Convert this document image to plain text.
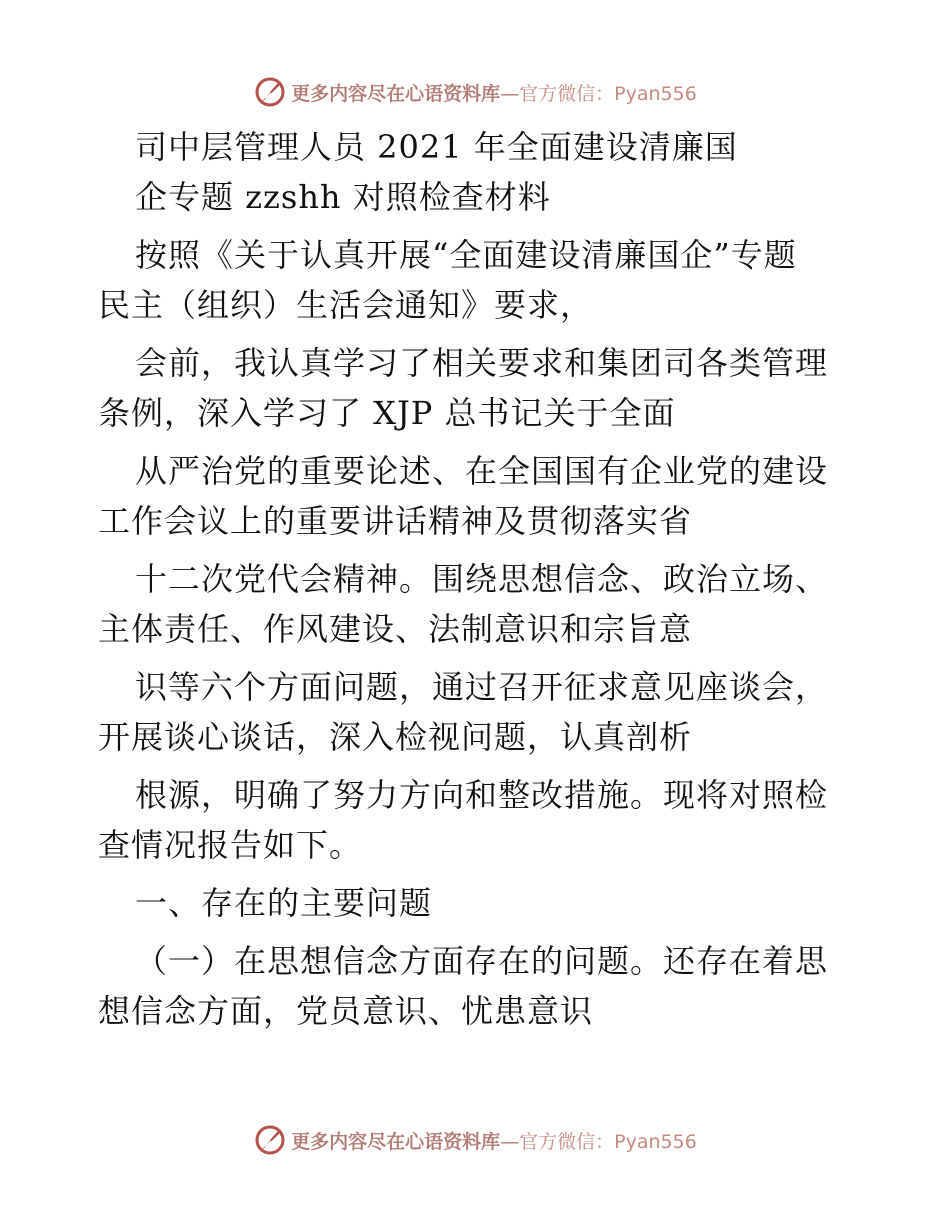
更多内容尽在心语资料库—官方微信：Pyan556
司中层管理人员 2021 年全面建设清廉国
企专题 zzshh 对照检查材料
按照《关于认真开展“全面建设清廉国企”专题
民主（组织）生活会通知》要求，
会前，我认真学习了相关要求和集团司各类管理
条例，深入学习了 XJP 总书记关于全面
从严治党的重要论述、在全国国有企业党的建设
工作会议上的重要讲话精神及贯彻落实省
十二次党代会精神。围绕思想信念、政治立场、
主体责任、作风建设、法制意识和宗旨意
识等六个方面问题，通过召开征求意见座谈会，
开展谈心谈话，深入检视问题，认真剖析
根源，明确了努力方向和整改措施。现将对照检
查情况报告如下。
一、存在的主要问题
（一）在思想信念方面存在的问题。还存在着思
想信念方面，党员意识、忧患意识
更多内容尽在心语资料库—官方微信：Pyan556
